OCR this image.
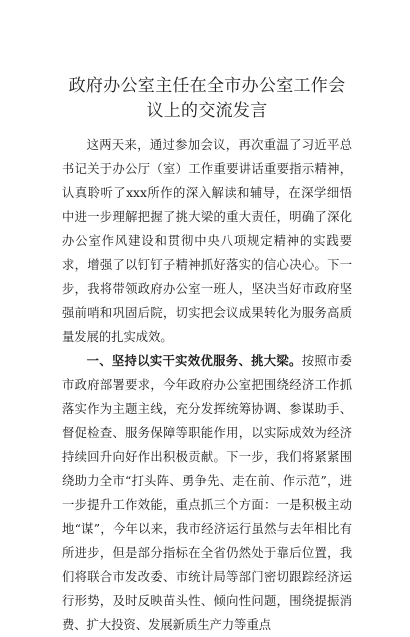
政府办公室主任在全市办公室工作会议上的交流发言

这两天来，通过参加会议，再次重温了习近平总书记关于办公厅（室）工作重要讲话重要指示精神，认真聆听了xxx所作的深入解读和辅导，在深学细悟中进一步理解把握了挑大梁的重大责任，明确了深化办公室作风建设和贯彻中央八项规定精神的实践要求，增强了以钉钉子精神抓好落实的信心决心。下一步，我将带领政府办公室一班人，坚决当好市政府坚强前哨和巩固后院，切实把会议成果转化为服务高质量发展的扎实成效。

一、坚持以实干实效优服务、挑大梁。按照市委市政府部署要求，今年政府办公室把围绕经济工作抓落实作为主题主线，充分发挥统筹协调、参谋助手、督促检查、服务保障等职能作用，以实际成效为经济持续回升向好作出积极贡献。下一步，我们将紧紧围绕助力全市“打头阵、勇争先、走在前、作示范”，进一步提升工作效能，重点抓三个方面：一是积极主动地“谋”，今年以来，我市经济运行虽然与去年相比有所进步，但是部分指标在全省仍然处于靠后位置，我们将联合市发改委、市统计局等部门密切跟踪经济运行形势，及时反映苗头性、倾向性问题，围绕提振消费、扩大投资、发展新质生产力等重点
